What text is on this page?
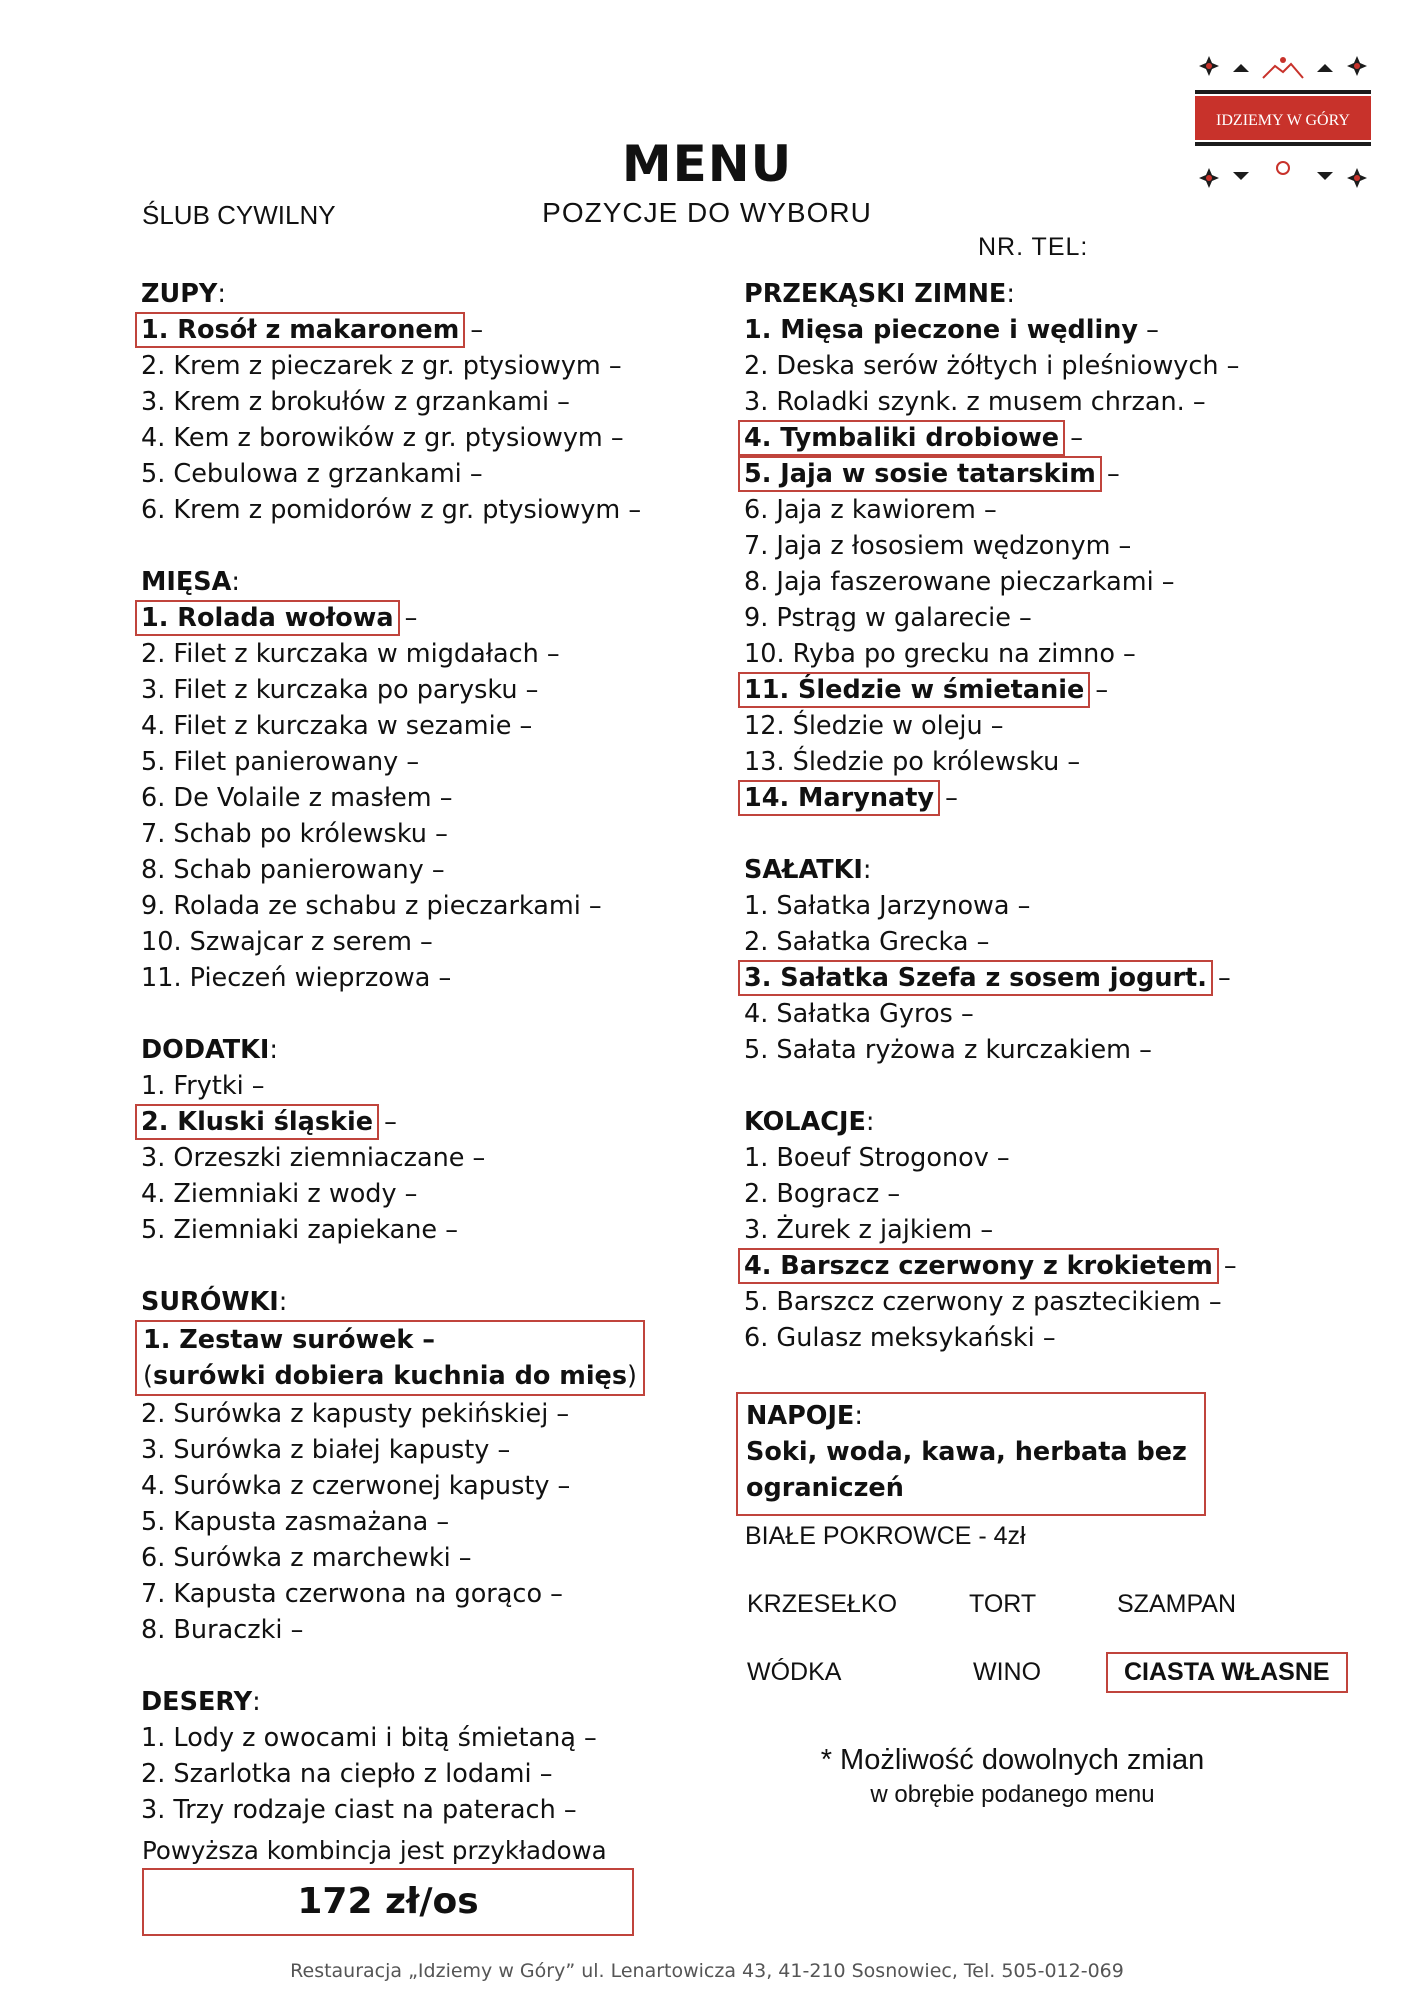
IDZIEMY W GÓRY
MENU
POZYCJE DO WYBORU
ŚLUB CYWILNY
NR. TEL:
ZUPY:
1. Rosół z makaronem –
2. Krem z pieczarek z gr. ptysiowym –
3. Krem z brokułów z grzankami –
4. Kem z borowików z gr. ptysiowym –
5. Cebulowa z grzankami –
6. Krem z pomidorów z gr. ptysiowym –
MIĘSA:
1. Rolada wołowa –
2. Filet z kurczaka w migdałach –
3. Filet z kurczaka po parysku –
4. Filet z kurczaka w sezamie –
5. Filet panierowany –
6. De Volaile z masłem –
7. Schab po królewsku –
8. Schab panierowany –
9. Rolada ze schabu z pieczarkami –
10. Szwajcar z serem –
11. Pieczeń wieprzowa –
DODATKI:
1. Frytki –
2. Kluski śląskie –
3. Orzeszki ziemniaczane –
4. Ziemniaki z wody –
5. Ziemniaki zapiekane –
SURÓWKI:
1. Zestaw surówek –
(surówki dobiera kuchnia do mięs)
2. Surówka z kapusty pekińskiej –
3. Surówka z białej kapusty –
4. Surówka z czerwonej kapusty –
5. Kapusta zasmażana –
6. Surówka z marchewki –
7. Kapusta czerwona na gorąco –
8. Buraczki –
DESERY:
1. Lody z owocami i bitą śmietaną –
2. Szarlotka na ciepło z lodami –
3. Trzy rodzaje ciast na paterach –
PRZEKĄSKI ZIMNE:
1. Mięsa pieczone i wędliny –
2. Deska serów żółtych i pleśniowych –
3. Roladki szynk. z musem chrzan. –
4. Tymbaliki drobiowe –
5. Jaja w sosie tatarskim –
6. Jaja z kawiorem –
7. Jaja z łososiem wędzonym –
8. Jaja faszerowane pieczarkami –
9. Pstrąg w galarecie –
10. Ryba po grecku na zimno –
11. Śledzie w śmietanie –
12. Śledzie w oleju –
13. Śledzie po królewsku –
14. Marynaty –
SAŁATKI:
1. Sałatka Jarzynowa –
2. Sałatka Grecka –
3. Sałatka Szefa z sosem jogurt. –
4. Sałatka Gyros –
5. Sałata ryżowa z kurczakiem –
KOLACJE:
1. Boeuf Strogonov –
2. Bogracz –
3. Żurek z jajkiem –
4. Barszcz czerwony z krokietem –
5. Barszcz czerwony z pasztecikiem –
6. Gulasz meksykański –
NAPOJE:
Soki, woda, kawa, herbata bez ograniczeń
BIAŁE POKROWCE - 4zł
KRZESEŁKO	TORT	SZAMPAN
WÓDKA	WINO	CIASTA WŁASNE
* Możliwość dowolnych zmian
w obrębie podanego menu
Powyższa kombincja jest przykładowa
172 zł/os
Restauracja „Idziemy w Góry” ul. Lenartowicza 43, 41-210 Sosnowiec, Tel. 505-012-069
